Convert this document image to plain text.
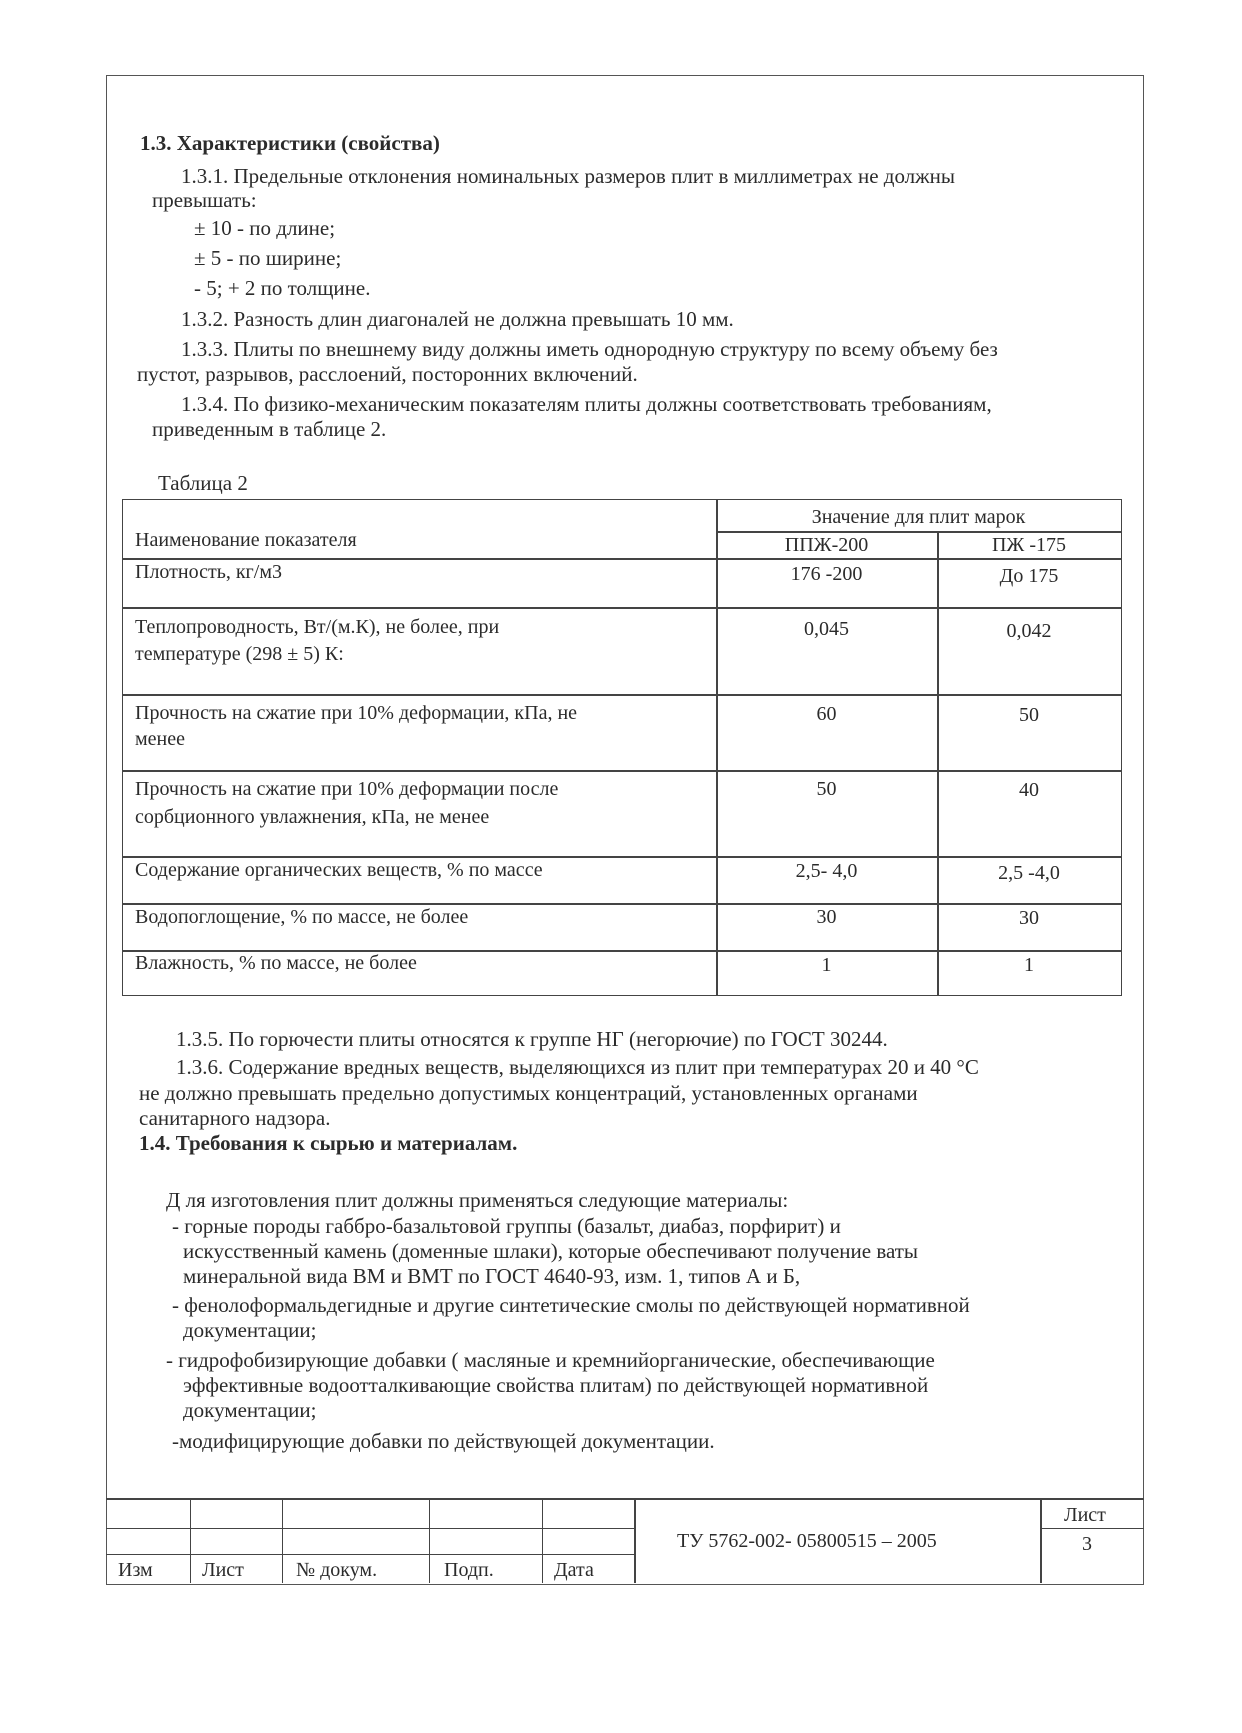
1.3. Характеристики (свойства)
1.3.1. Предельные отклонения номинальных размеров плит в миллиметрах не должны
превышать:
± 10 - по длине;
± 5 - по ширине;
- 5; + 2 по толщине.
1.3.2. Разность длин диагоналей не должна превышать 10 мм.
1.3.3. Плиты по внешнему виду должны иметь однородную структуру по всему объему без
пустот, разрывов, расслоений, посторонних включений.
1.3.4. По физико-механическим показателям плиты должны соответствовать требованиям,
приведенным в таблице 2.
Таблица 2
Наименование показателя
Значение для плит марок
ППЖ-200	ПЖ -175
Плотность, кг/м3	176 -200	До 175
Теплопроводность, Вт/(м.К), не более, при
температуре (298 ± 5) К:
0,045	0,042
Прочность на сжатие при 10% деформации, кПа, не
менее
60	50
Прочность на сжатие при 10% деформации после
сорбционного увлажнения, кПа, не менее
50	40
Содержание органических веществ, % по массе	2,5- 4,0	2,5 -4,0
Водопоглощение, % по массе, не более	30	30
Влажность, % по массе, не более	1	1
1.3.5. По горючести плиты относятся к группе НГ (негорючие) по ГОСТ 30244.
1.3.6. Содержание вредных веществ, выделяющихся из плит при температурах 20 и 40 °С
не должно превышать предельно допустимых концентраций, установленных органами
санитарного надзора.
1.4. Требования к сырью и материалам.
Д ля изготовления плит должны применяться следующие материалы:
- горные породы габбро-базальтовой группы (базальт, диабаз, порфирит) и
искусственный камень (доменные шлаки), которые обеспечивают получение ваты
минеральной вида ВМ и ВМТ по ГОСТ 4640-93, изм. 1, типов А и Б,
- фенолоформальдегидные и другие синтетические смолы по действующей нормативной
документации;
- гидрофобизирующие добавки ( масляные и кремнийорганические, обеспечивающие
эффективные водоотталкивающие свойства плитам) по действующей нормативной
документации;
-модифицирующие добавки по действующей документации.
Изм Лист	№ докум.	Подп.	Дата
ТУ 5762-002- 05800515 – 2005
Лист
3
